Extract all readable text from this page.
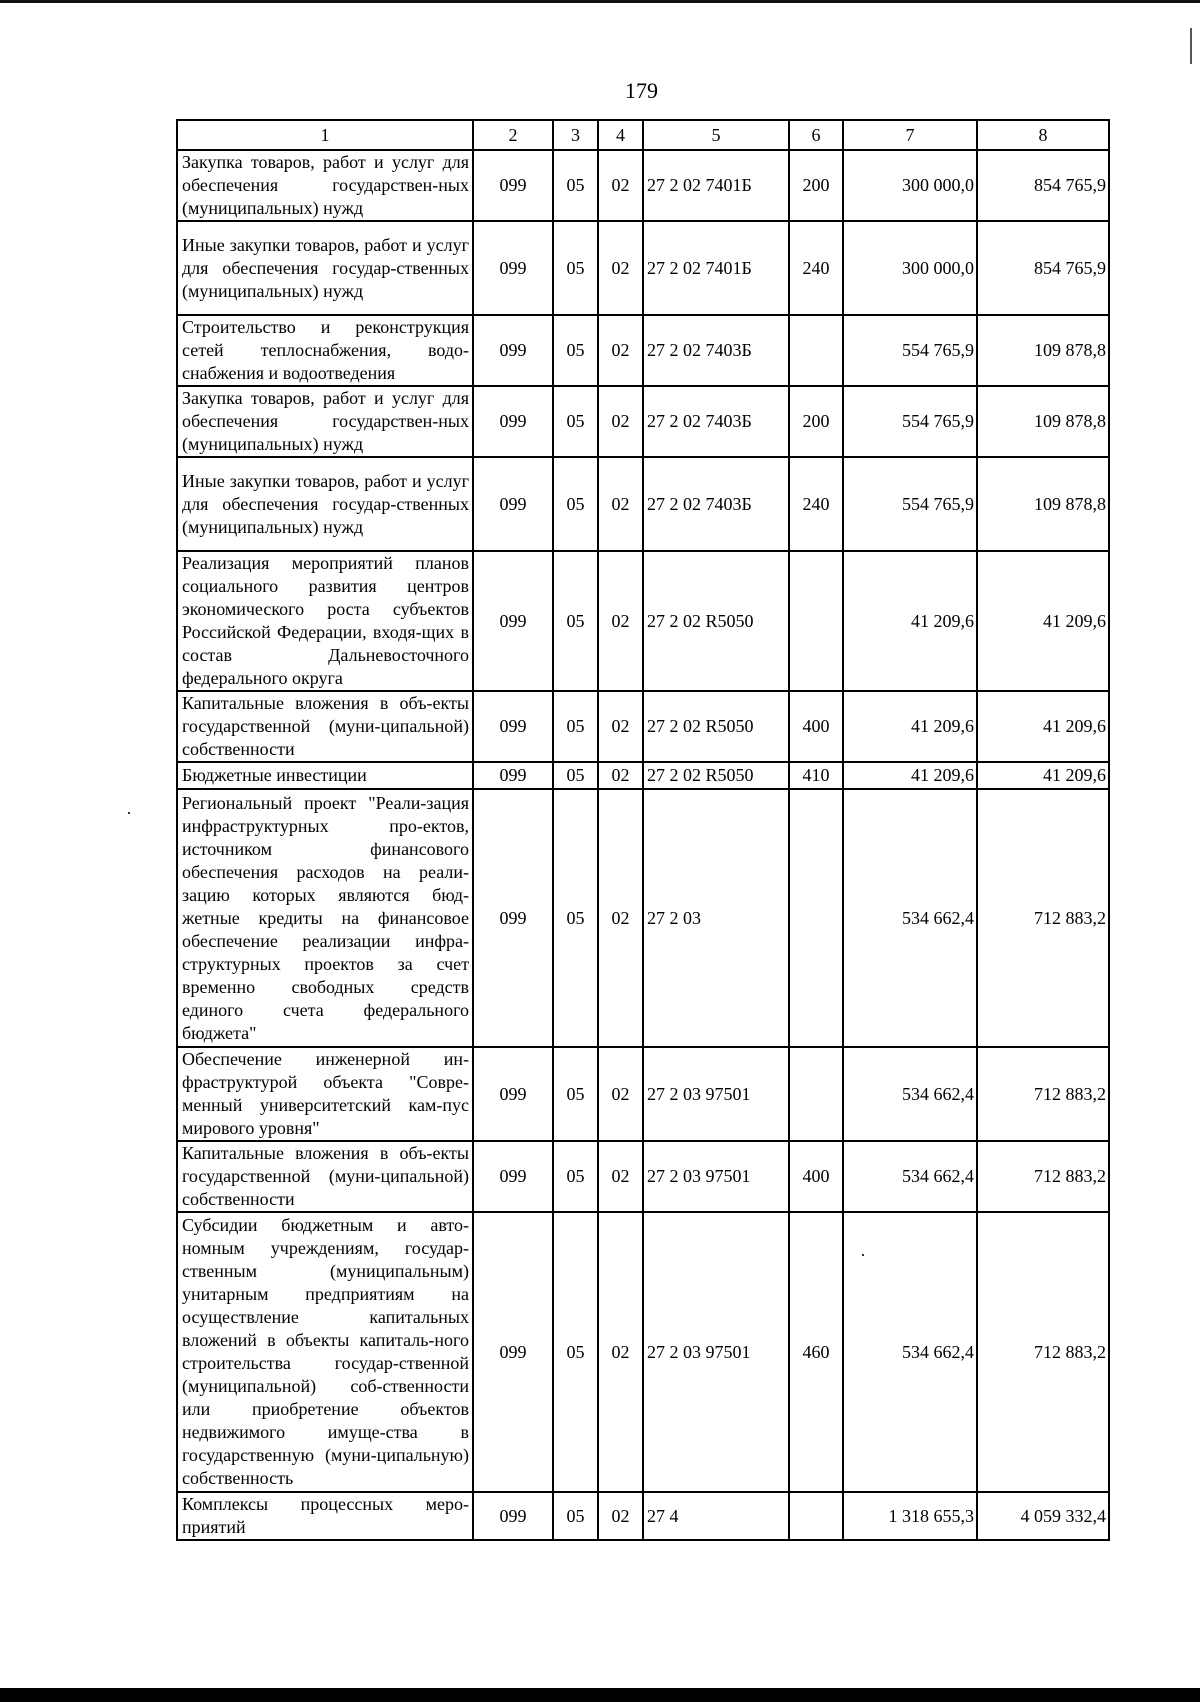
179
1	2	3	4	5	6	7	8
Закупка товаров, работ и услуг для обеспечения государствен-ных (муниципальных) нужд	099	05	02	27 2 02 7401Б	200	300 000,0	854 765,9
Иные закупки товаров, работ и услуг для обеспечения государ-ственных (муниципальных) нужд	099	05	02	27 2 02 7401Б	240	300 000,0	854 765,9
Строительство и реконструкция сетей теплоснабжения, водо-снабжения и водоотведения	099	05	02	27 2 02 7403Б		554 765,9	109 878,8
Закупка товаров, работ и услуг для обеспечения государствен-ных (муниципальных) нужд	099	05	02	27 2 02 7403Б	200	554 765,9	109 878,8
Иные закупки товаров, работ и услуг для обеспечения государ-ственных (муниципальных) нужд	099	05	02	27 2 02 7403Б	240	554 765,9	109 878,8
Реализация мероприятий планов социального развития центров экономического роста субъектов Российской Федерации, входя-щих в состав Дальневосточного федерального округа	099	05	02	27 2 02 R5050		41 209,6	41 209,6
Капитальные вложения в объ-екты государственной (муни-ципальной) собственности	099	05	02	27 2 02 R5050	400	41 209,6	41 209,6
Бюджетные инвестиции	099	05	02	27 2 02 R5050	410	41 209,6	41 209,6
Региональный проект "Реали-зация инфраструктурных про-ектов, источником финансового обеспечения расходов на реали-зацию которых являются бюд-жетные кредиты на финансовое обеспечение реализации инфра-структурных проектов за счет временно свободных средств единого счета федерального бюджета"	099	05	02	27 2 03		534 662,4	712 883,2
Обеспечение инженерной ин-фраструктурой объекта "Совре-менный университетский кам-пус мирового уровня"	099	05	02	27 2 03 97501		534 662,4	712 883,2
Капитальные вложения в объ-екты государственной (муни-ципальной) собственности	099	05	02	27 2 03 97501	400	534 662,4	712 883,2
Субсидии бюджетным и авто-номным учреждениям, государ-ственным (муниципальным) унитарным предприятиям на осуществление капитальных вложений в объекты капиталь-ного строительства государ-ственной (муниципальной) соб-ственности или приобретение объектов недвижимого имуще-ства в государственную (муни-ципальную) собственность	099	05	02	27 2 03 97501	460	534 662,4	712 883,2
Комплексы процессных меро-приятий	099	05	02	27 4		1 318 655,3	4 059 332,4
